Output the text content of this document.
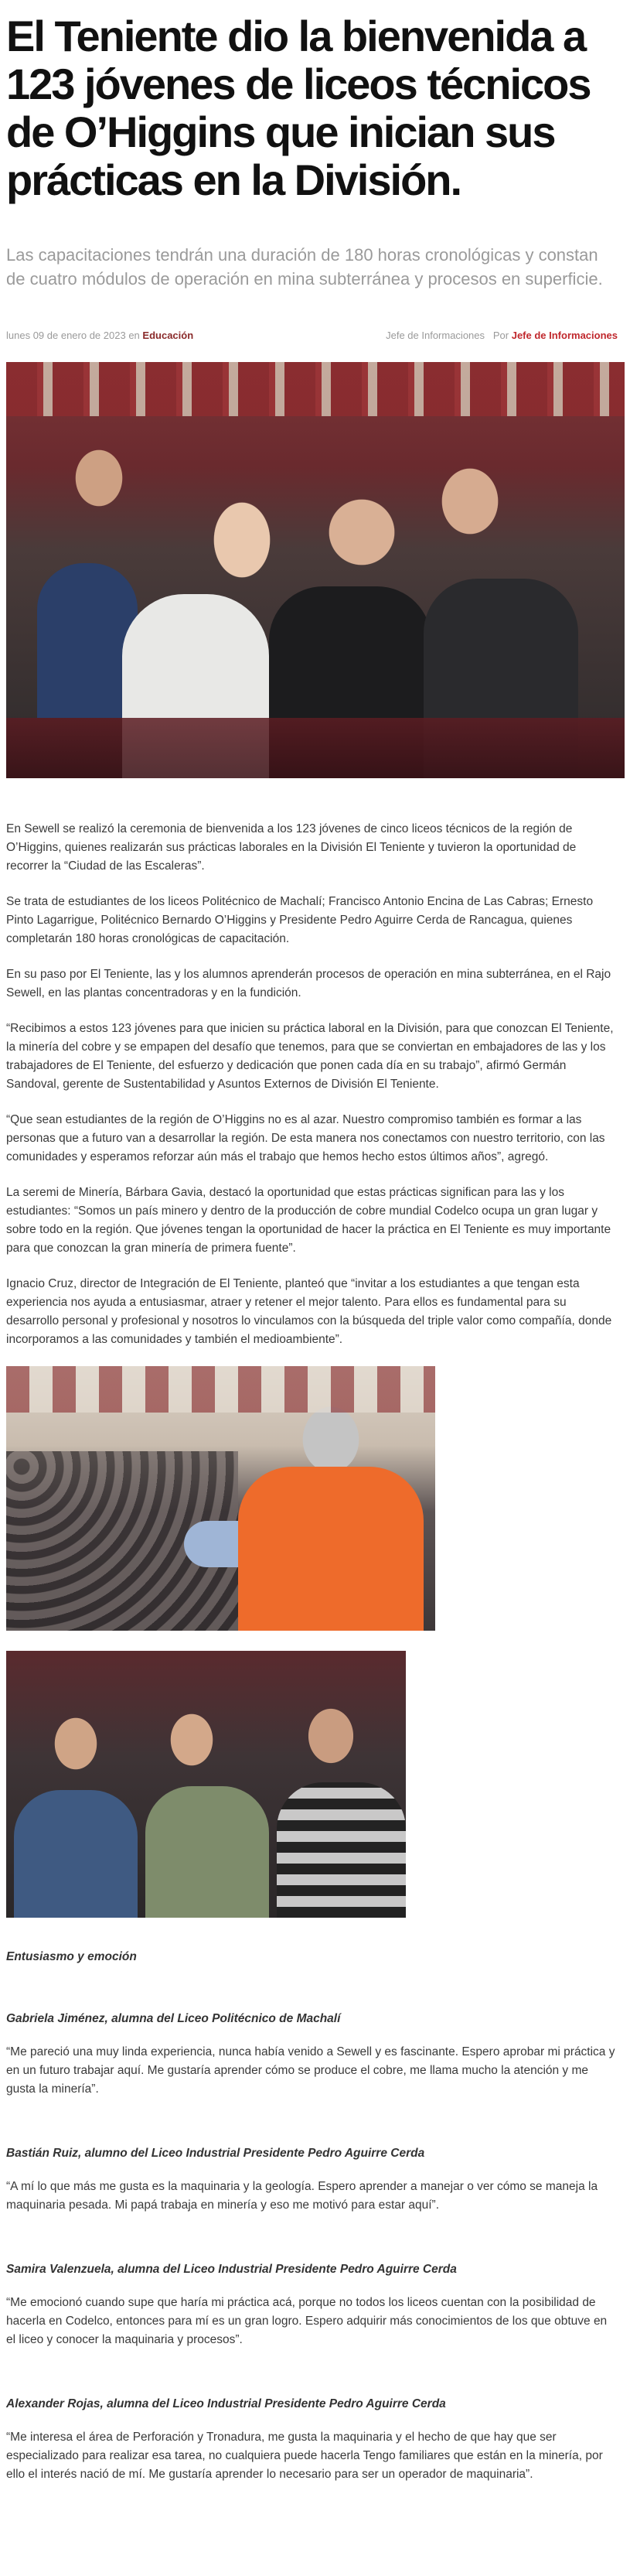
El Teniente dio la bienvenida a 123 jóvenes de liceos técnicos de O’Higgins que inician sus prácticas en la División.

Las capacitaciones tendrán una duración de 180 horas cronológicas y constan de cuatro módulos de operación en mina subterránea y procesos en superficie.

lunes 09 de enero de 2023 en Educación	Jefe de Informaciones Por Jefe de Informaciones

En Sewell se realizó la ceremonia de bienvenida a los 123 jóvenes de cinco liceos técnicos de la región de O’Higgins, quienes realizarán sus prácticas laborales en la División El Teniente y tuvieron la oportunidad de recorrer la “Ciudad de las Escaleras”.

Se trata de estudiantes de los liceos Politécnico de Machalí; Francisco Antonio Encina de Las Cabras; Ernesto Pinto Lagarrigue, Politécnico Bernardo O’Higgins y Presidente Pedro Aguirre Cerda de Rancagua, quienes completarán 180 horas cronológicas de capacitación.

En su paso por El Teniente, las y los alumnos aprenderán procesos de operación en mina subterránea, en el Rajo Sewell, en las plantas concentradoras y en la fundición.

“Recibimos a estos 123 jóvenes para que inicien su práctica laboral en la División, para que conozcan El Teniente, la minería del cobre y se empapen del desafío que tenemos, para que se conviertan en embajadores de las y los trabajadores de El Teniente, del esfuerzo y dedicación que ponen cada día en su trabajo”, afirmó Germán Sandoval, gerente de Sustentabilidad y Asuntos Externos de División El Teniente.

“Que sean estudiantes de la región de O’Higgins no es al azar. Nuestro compromiso también es formar a las personas que a futuro van a desarrollar la región. De esta manera nos conectamos con nuestro territorio, con las comunidades y esperamos reforzar aún más el trabajo que hemos hecho estos últimos años”, agregó.

La seremi de Minería, Bárbara Gavia, destacó la oportunidad que estas prácticas significan para las y los estudiantes: “Somos un país minero y dentro de la producción de cobre mundial Codelco ocupa un gran lugar y sobre todo en la región. Que jóvenes tengan la oportunidad de hacer la práctica en El Teniente es muy importante para que conozcan la gran minería de primera fuente”.

Ignacio Cruz, director de Integración de El Teniente, planteó que “invitar a los estudiantes a que tengan esta experiencia nos ayuda a entusiasmar, atraer y retener el mejor talento. Para ellos es fundamental para su desarrollo personal y profesional y nosotros lo vinculamos con la búsqueda del triple valor como compañía, donde incorporamos a las comunidades y también el medioambiente”.

Entusiasmo y emoción

Gabriela Jiménez, alumna del Liceo Politécnico de Machalí

“Me pareció una muy linda experiencia, nunca había venido a Sewell y es fascinante. Espero aprobar mi práctica y en un futuro trabajar aquí. Me gustaría aprender cómo se produce el cobre, me llama mucho la atención y me gusta la minería”.

Bastián Ruiz, alumno del Liceo Industrial Presidente Pedro Aguirre Cerda

“A mí lo que más me gusta es la maquinaria y la geología. Espero aprender a manejar o ver cómo se maneja la maquinaria pesada. Mi papá trabaja en minería y eso me motivó para estar aquí”.

Samira Valenzuela, alumna del Liceo Industrial Presidente Pedro Aguirre Cerda

“Me emocionó cuando supe que haría mi práctica acá, porque no todos los liceos cuentan con la posibilidad de hacerla en Codelco, entonces para mí es un gran logro. Espero adquirir más conocimientos de los que obtuve en el liceo y conocer la maquinaria y procesos”.

Alexander Rojas, alumna del Liceo Industrial Presidente Pedro Aguirre Cerda

“Me interesa el área de Perforación y Tronadura, me gusta la maquinaria y el hecho de que hay que ser especializado para realizar esa tarea, no cualquiera puede hacerla Tengo familiares que están en la minería, por ello el interés nació de mí. Me gustaría aprender lo necesario para ser un operador de maquinaria”.
